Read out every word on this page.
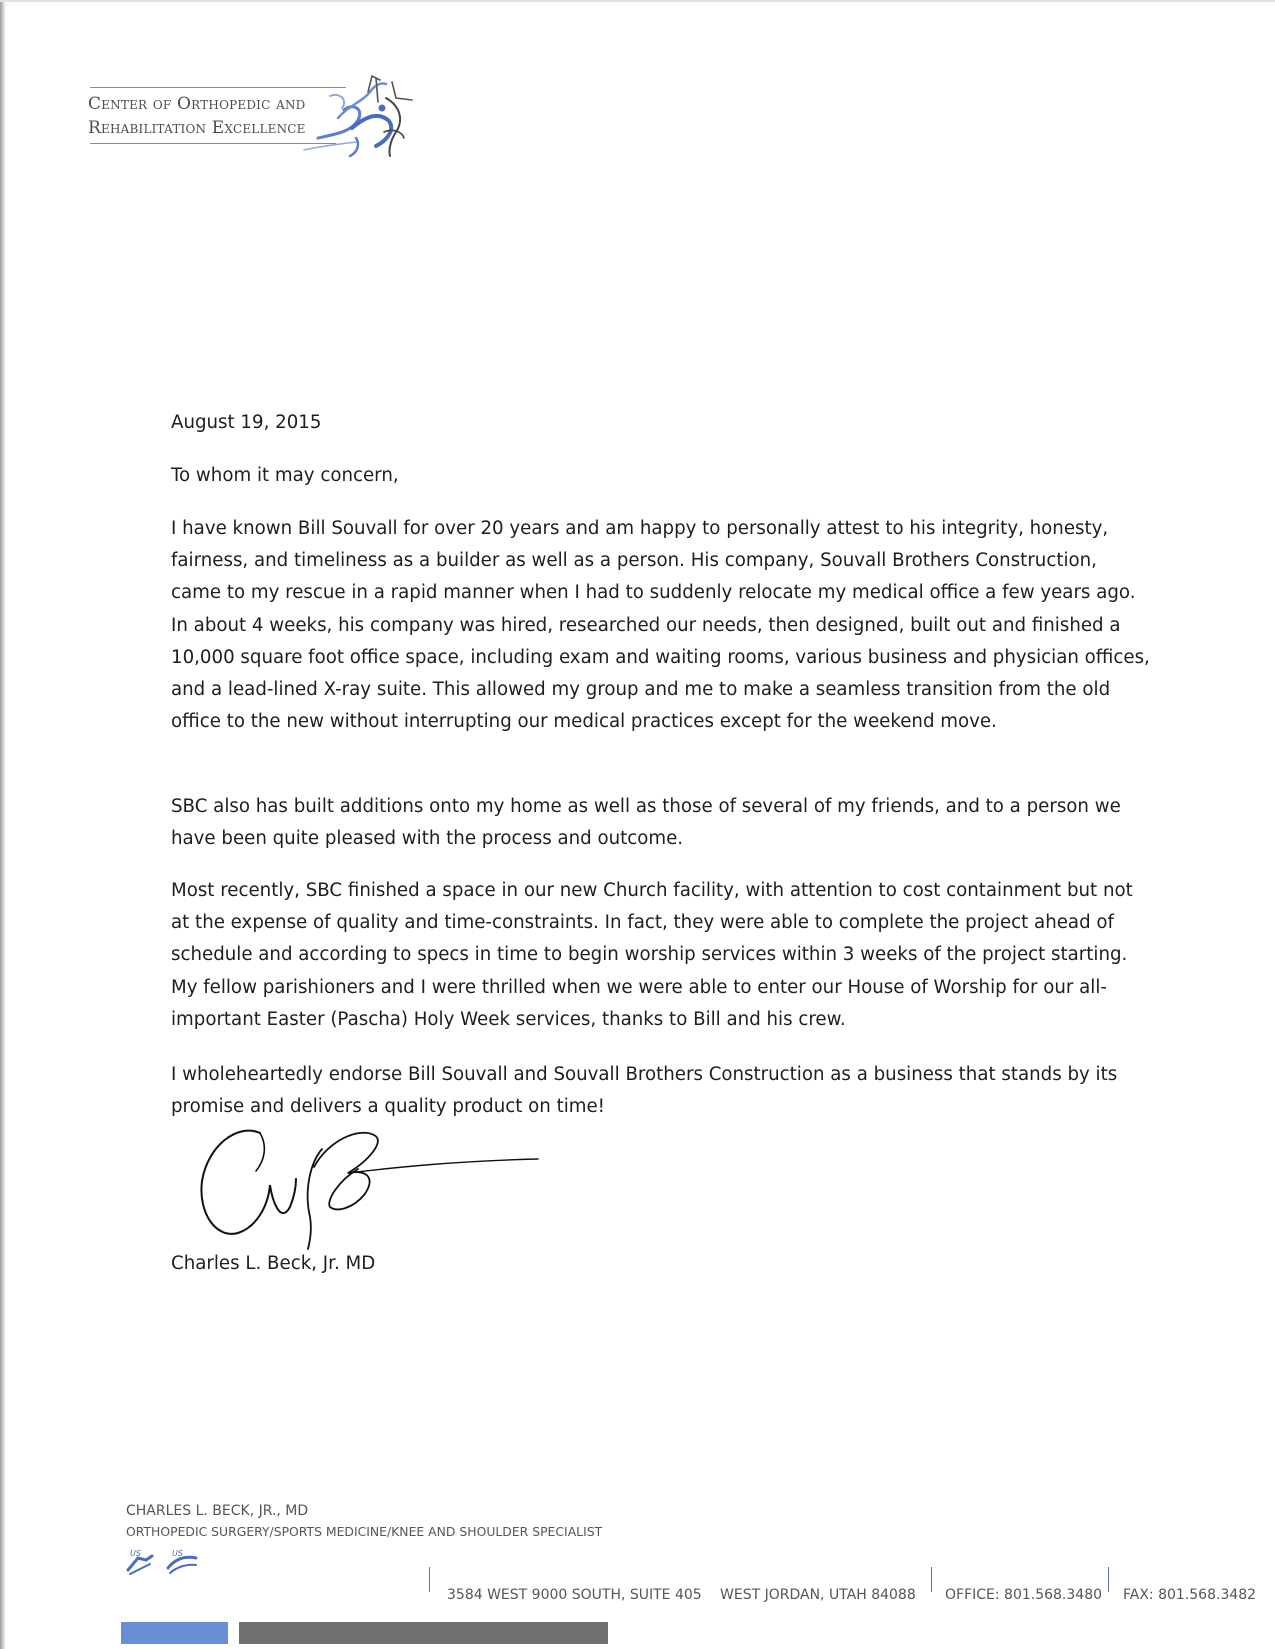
Center of Orthopedic and
Rehabilitation Excellence
August 19, 2015
To whom it may concern,
I have known Bill Souvall for over 20 years and am happy to personally attest to his integrity, honesty, fairness, and timeliness as a builder as well as a person. His company, Souvall Brothers Construction, came to my rescue in a rapid manner when I had to suddenly relocate my medical office a few years ago. In about 4 weeks, his company was hired, researched our needs, then designed, built out and finished a 10,000 square foot office space, including exam and waiting rooms, various business and physician offices, and a lead-lined X-ray suite. This allowed my group and me to make a seamless transition from the old office to the new without interrupting our medical practices except for the weekend move.
SBC also has built additions onto my home as well as those of several of my friends, and to a person we have been quite pleased with the process and outcome.
Most recently, SBC finished a space in our new Church facility, with attention to cost containment but not at the expense of quality and time-constraints. In fact, they were able to complete the project ahead of schedule and according to specs in time to begin worship services within 3 weeks of the project starting. My fellow parishioners and I were thrilled when we were able to enter our House of Worship for our all-important Easter (Pascha) Holy Week services, thanks to Bill and his crew.
I wholeheartedly endorse Bill Souvall and Souvall Brothers Construction as a business that stands by its promise and delivers a quality product on time!
Charles L. Beck, Jr. MD
CHARLES L. BECK, JR., MD
ORTHOPEDIC SURGERY/SPORTS MEDICINE/KNEE AND SHOULDER SPECIALIST
US	US
3584 WEST 9000 SOUTH, SUITE 405 WEST JORDAN, UTAH 84088 OFFICE: 801.568.3480 FAX: 801.568.3482
